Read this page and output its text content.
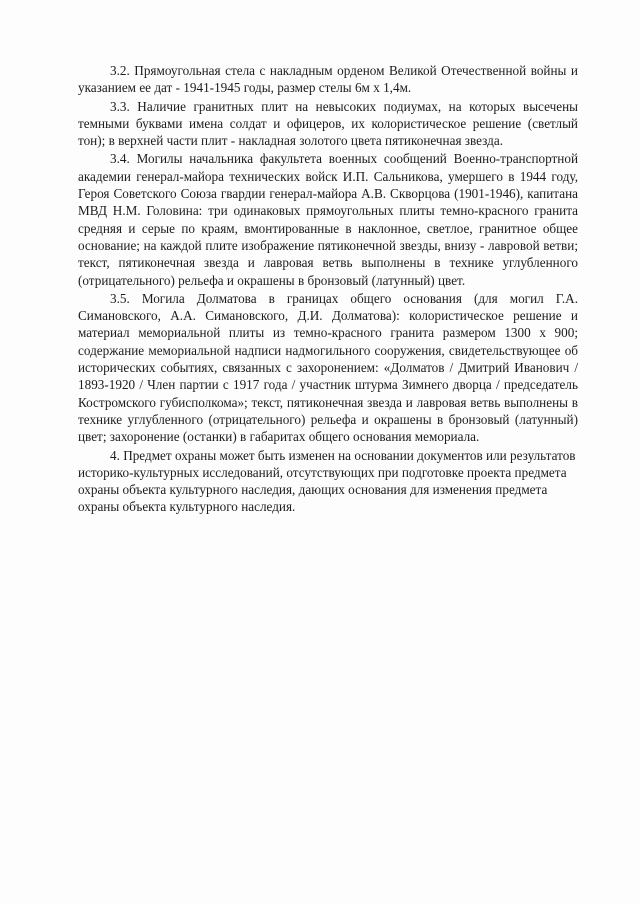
3.2. Прямоугольная стела с накладным орденом Великой Отечественной войны и указанием ее дат - 1941-1945 годы, размер стелы 6м х 1,4м.

3.3. Наличие гранитных плит на невысоких подиумах, на которых высечены темными буквами имена солдат и офицеров, их колористическое решение (светлый тон); в верхней части плит - накладная золотого цвета пятиконечная звезда.

3.4. Могилы начальника факультета военных сообщений Военно-транспортной академии генерал-майора технических войск И.П. Сальникова, умершего в 1944 году, Героя Советского Союза гвардии генерал-майора А.В. Скворцова (1901-1946), капитана МВД Н.М. Головина: три одинаковых прямоугольных плиты темно-красного гранита средняя и серые по краям, вмонтированные в наклонное, светлое, гранитное общее основание; на каждой плите изображение пятиконечной звезды, внизу - лавровой ветви; текст, пятиконечная звезда и лавровая ветвь выполнены в технике углубленного (отрицательного) рельефа и окрашены в бронзовый (латунный) цвет.

3.5. Могила Долматова в границах общего основания (для могил Г.А. Симановского, А.А. Симановского, Д.И. Долматова): колористическое решение и материал мемориальной плиты из темно-красного гранита размером 1300 х 900; содержание мемориальной надписи надмогильного сооружения, свидетельствующее об исторических событиях, связанных с захоронением: «Долматов / Дмитрий Иванович / 1893-1920 / Член партии с 1917 года / участник штурма Зимнего дворца / председатель Костромского губисполкома»; текст, пятиконечная звезда и лавровая ветвь выполнены в технике углубленного (отрицательного) рельефа и окрашены в бронзовый (латунный) цвет; захоронение (останки) в габаритах общего основания мемориала.

4. Предмет охраны может быть изменен на основании документов или результатов историко-культурных исследований, отсутствующих при подготовке проекта предмета охраны объекта культурного наследия, дающих основания для изменения предмета охраны объекта культурного наследия.
